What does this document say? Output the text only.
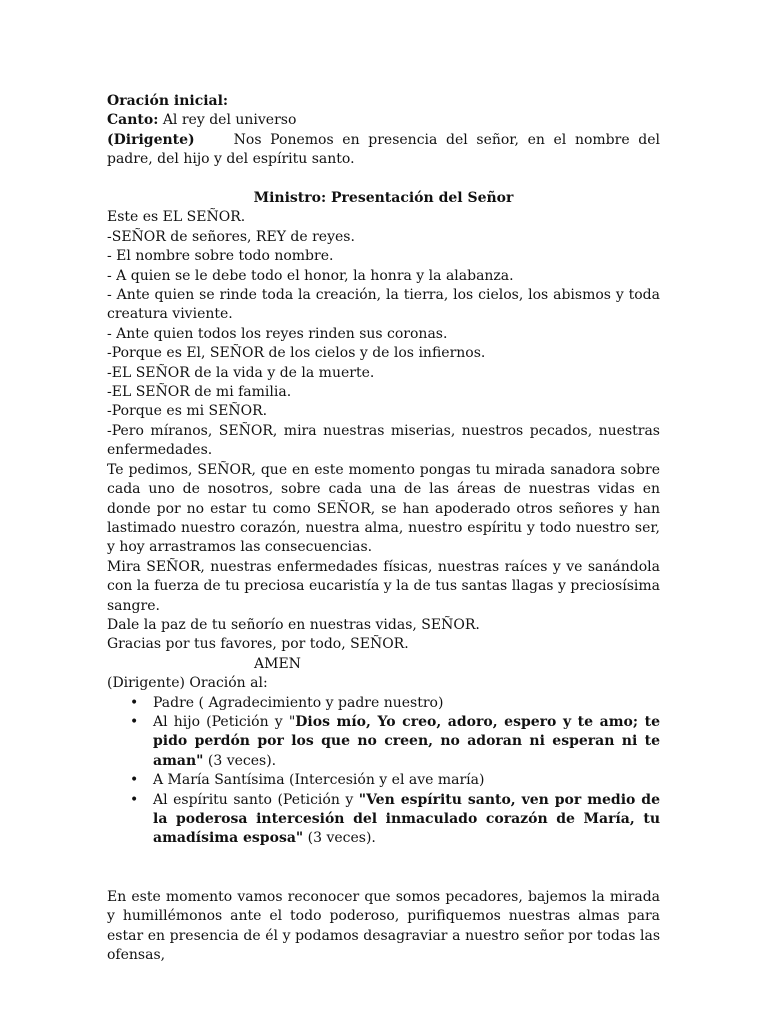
Oración inicial:

Canto: Al rey del universo

(Dirigente)	Nos Ponemos en presencia del señor, en el nombre del padre, del hijo y del espíritu santo.

Ministro: Presentación del Señor

Este es EL SEÑOR.

-SEÑOR de señores, REY de reyes.

- El nombre sobre todo nombre.

- A quien se le debe todo el honor, la honra y la alabanza.

- Ante quien se rinde toda la creación, la tierra, los cielos, los abismos y toda creatura viviente.

- Ante quien todos los reyes rinden sus coronas.

-Porque es El, SEÑOR de los cielos y de los infiernos.

-EL SEÑOR de la vida y de la muerte.

-EL SEÑOR de mi familia.

-Porque es mi SEÑOR.

-Pero míranos, SEÑOR, mira nuestras miserias, nuestros pecados, nuestras enfermedades.

Te pedimos, SEÑOR, que en este momento pongas tu mirada sanadora sobre cada uno de nosotros, sobre cada una de las áreas de nuestras vidas en donde por no estar tu como SEÑOR, se han apoderado otros señores y han lastimado nuestro corazón, nuestra alma, nuestro espíritu y todo nuestro ser, y hoy arrastramos las consecuencias.

Mira SEÑOR, nuestras enfermedades físicas, nuestras raíces y ve sanándola con la fuerza de tu preciosa eucaristía y la de tus santas llagas y preciosísima sangre.

Dale la paz de tu señorío en nuestras vidas, SEÑOR.

Gracias por tus favores, por todo, SEÑOR.

AMEN

(Dirigente) Oración al:

• Padre ( Agradecimiento y padre nuestro)
• Al hijo (Petición y "Dios mío, Yo creo, adoro, espero y te amo; te pido perdón por los que no creen, no adoran ni esperan ni te aman" (3 veces).
• A María Santísima (Intercesión y el ave maría)
• Al espíritu santo (Petición y "Ven espíritu santo, ven por medio de la poderosa intercesión del inmaculado corazón de María, tu amadísima esposa" (3 veces).

En este momento vamos reconocer que somos pecadores, bajemos la mirada y humillémonos ante el todo poderoso, purifiquemos nuestras almas para estar en presencia de él y podamos desagraviar a nuestro señor por todas las ofensas,
